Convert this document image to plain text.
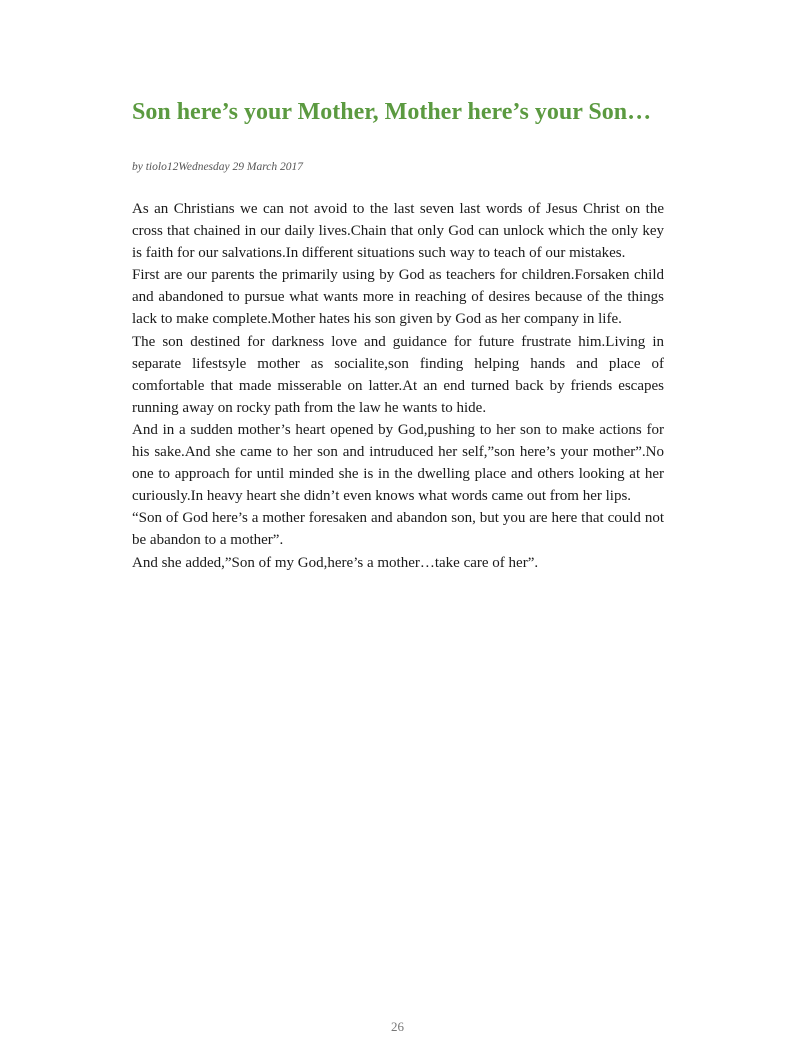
Son here’s your Mother, Mother here’s your Son…

by tiolo12Wednesday 29 March 2017

As an Christians we can not avoid to the last seven last words of Jesus Christ on the cross that chained in our daily lives.Chain that only God can unlock which the only key is faith for our salvations.In different situations such way to teach of our mistakes.

First are our parents the primarily using by God as teachers for children.Forsaken child and abandoned to pursue what wants more in reaching of desires because of the things lack to make complete.Mother hates his son given by God as her company in life.

The son destined for darkness love and guidance for future frustrate him.Living in separate lifestsyle mother as socialite,son finding helping hands and place of comfortable that made misserable on latter.At an end turned back by friends escapes running away on rocky path from the law he wants to hide.

And in a sudden mother’s heart opened by God,pushing to her son to make actions for his sake.And she came to her son and intruduced her self,”son here’s your mother”.No one to approach for until minded she is in the dwelling place and others looking at her curiously.In heavy heart she didn’t even knows what words came out from her lips.

“Son of God here’s a mother foresaken and abandon son, but you are here that could not be abandon to a mother”.

And she added,”Son of my God,here’s a mother…take care of her”.

26
